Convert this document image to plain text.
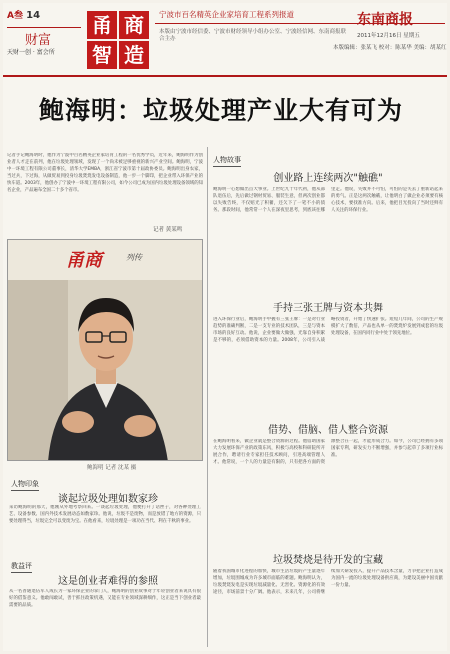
A叁 14
财富
天财一创 · 富会所
甬 商
智 造
宁波市百名精英企业家培育工程系列报道	东南商报
本版由宁波市经信委、宁波市财经领导小组办公室、宁波经信网、东南商报联合主办	2011年12月16日 星期五
本版编辑：张某飞 校对：陈某华 美编：胡某红
鲍海明：垃圾处理产业大有可为
记者手记鲍海明时，他作为宁波中百名精英企业家培育工程的一名优秀学员，近年来，鲍海明作为创业者人才走在前列，他在垃圾处理领域，发现了一个尚未被足够重视的新兴产业空间。鲍海明，宁波中一环境工程有限公司董事长，清华大学EMBA，浙江省宁波市第十届政协委员。鲍海明出身农家，当过兵，下过海，从做贸易到投身垃圾焚烧发电设备制造，他一步一个脚印，把企业带入环保产业的快车道。2003年，他创办了宁波中一环境工程有限公司，如今公司已成为国内垃圾处理设备领域的知名企业，产品遍布全国二十多个省市。
记者 黄某鸣
甬商	列传
鲍海明 记者 沈某 摄
人物印象
谈起垃圾处理如数家珍
采访鲍海明的那天，他刚从外地考察回来。一谈起垃圾处理，他便打开了话匣子，对各种处理工艺、设备参数、国内外技术发展动态如数家珍。他说，垃圾不是废物，而是放错了地方的资源，只要处理得当，垃圾完全可以变废为宝。在他看来，垃圾处理是一项功在当代、利在千秋的事业。
教益评
这是创业者难得的参照
从一名普通退伍军人成长为一家环保企业的掌门人，鲍海明的创业故事对于年轻创业者来说具有很好的借鉴意义。他敢闯敢试，善于抓住政策机遇，又能在专业领域深耕细作，这正是当下创业者最需要的品质。
人物故事
创业路上连续两次"触礁"
鲍海明一心想做出点大事业。上世纪九十年代初，他从部队退伍后，先后做过钢材贸易、服装生意，但两次创业都以失败告终，不仅赔光了积蓄，还欠下了一笔不小的债务。那段时间，他常常一个人在深夜里思考，到底该往哪里走。他说，失败并不可怕，可怕的是失去了重新站起来的勇气。正是这两次触礁，让他明白了做企业必须要有核心技术，要找准方向。后来，他把目光投向了当时还鲜有人关注的环保行业。
手持三张王牌与资本共舞
进入环保行业后，鲍海明手中握有三张王牌：一是对行业趋势的准确判断，二是一支专业的技术团队，三是与资本市场的良好互动。他说，企业要做大做强，光靠自身积累是不够的，必须借助资本的力量。2008年，公司引入战略投资者，开始了快速扩张。短短几年间，公司的生产规模扩大了数倍，产品也从单一的焚烧炉发展到成套的垃圾处理设备，在国内同行业中处于领先地位。
借势、借脑、借人整合资源
在鲍海明看来，做企业就是整合资源的过程。他借助国家大力发展环保产业的政策东风，积极与高校和科研院所开展合作，聘请行业专家担任技术顾问，引进高端管理人才。他常说，一个人的力量是有限的，只有把各方面的资源整合在一起，才能形成合力。如今，公司已经拥有多项国家专利，研发实力不断增强，并参与起草了多项行业标准。
垃圾焚烧是待开发的宝藏
随着我国城市化进程的加快，城市生活垃圾的产生量逐年增加，垃圾围城成为许多城市面临的难题。鲍海明认为，垃圾焚烧发电是实现垃圾减量化、无害化、资源化的有效途径，市场前景十分广阔。他表示，未来几年，公司将继续加大研发投入，提升产品技术含量，力争把企业打造成为国内一流的垃圾处理设备供应商，为建设美丽中国贡献一份力量。
